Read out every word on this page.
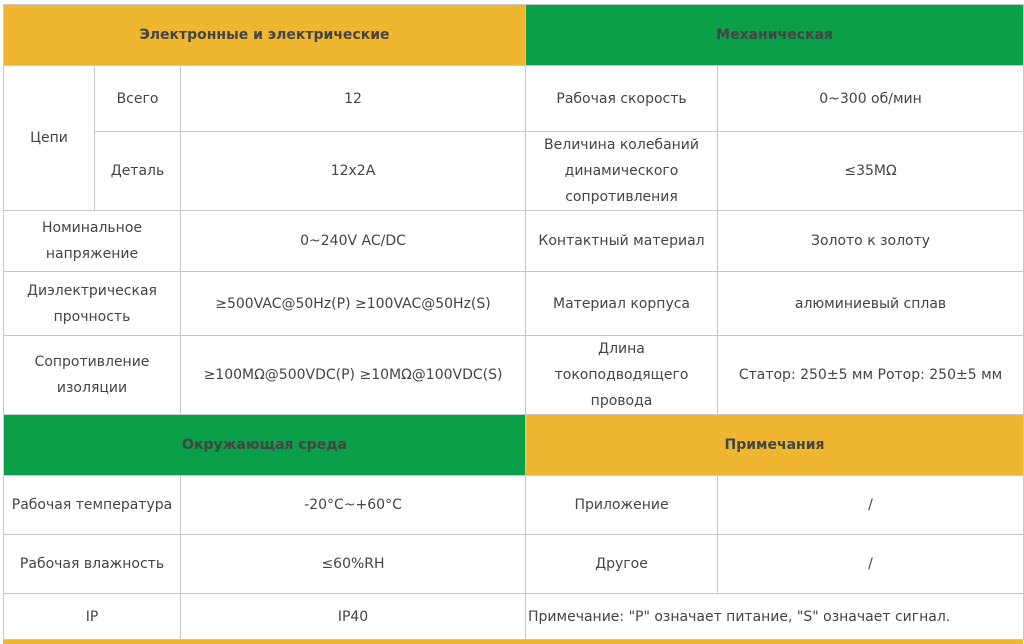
Электронные и электрические			Механическая	
Цепи	Всего	12	Рабочая скорость	0~300 об/мин
	Деталь	12x2A	Величина колебаний динамического сопротивления	≤35MΩ
Номинальное напряжение		0~240V AC/DC	Контактный материал	Золото к золоту
Диэлектрическая прочность		≥500VAC@50Hz(P) ≥100VAC@50Hz(S)	Материал корпуса	алюминиевый сплав
Сопротивление изоляции		≥100MΩ@500VDC(P) ≥10MΩ@100VDC(S)	Длина токоподводящего провода	Статор: 250±5 мм Ротор: 250±5 мм
Окружающая среда			Примечания	
Рабочая температура		-20°C~+60°C	Приложение	/
Рабочая влажность		≤60%RH	Другое	/
IP		IP40	Примечание: "P" означает питание, "S" означает сигнал.	
